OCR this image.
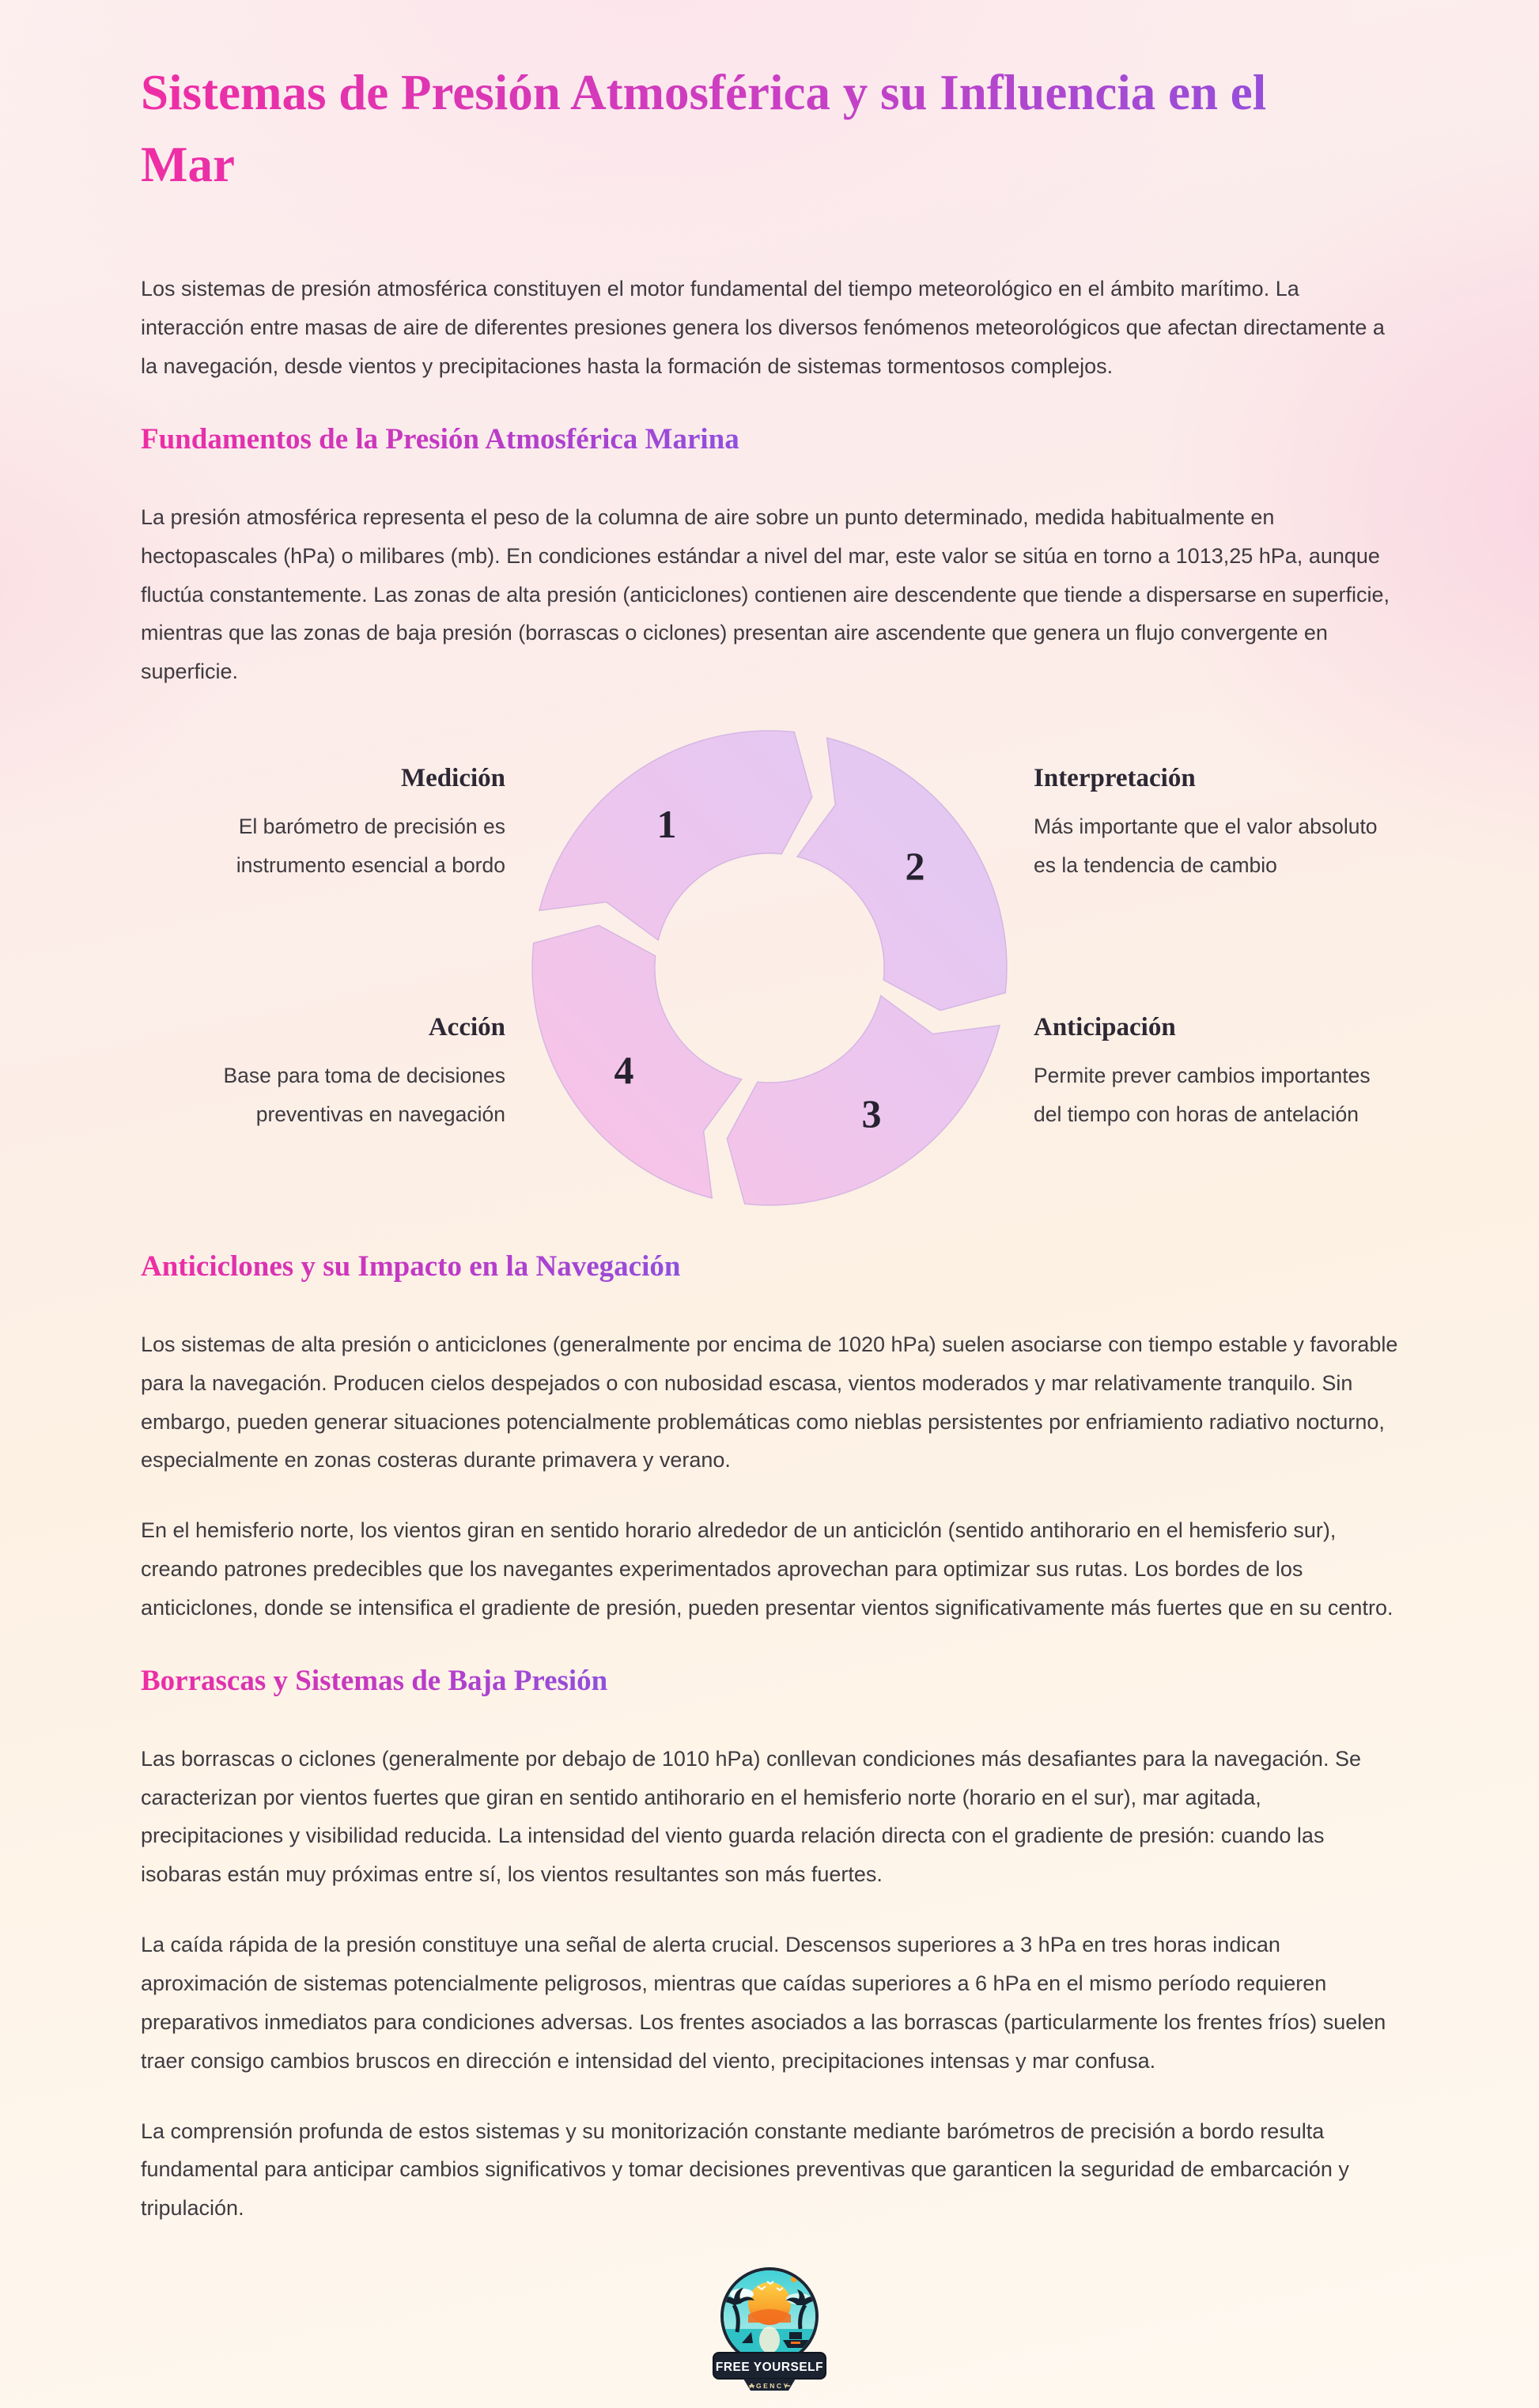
Sistemas de Presión Atmosférica y su Influencia en el Mar

Los sistemas de presión atmosférica constituyen el motor fundamental del tiempo meteorológico en el ámbito marítimo. La interacción entre masas de aire de diferentes presiones genera los diversos fenómenos meteorológicos que afectan directamente a la navegación, desde vientos y precipitaciones hasta la formación de sistemas tormentosos complejos.

Fundamentos de la Presión Atmosférica Marina

La presión atmosférica representa el peso de la columna de aire sobre un punto determinado, medida habitualmente en hectopascales (hPa) o milibares (mb). En condiciones estándar a nivel del mar, este valor se sitúa en torno a 1013,25 hPa, aunque fluctúa constantemente. Las zonas de alta presión (anticiclones) contienen aire descendente que tiende a dispersarse en superficie, mientras que las zonas de baja presión (borrascas o ciclones) presentan aire ascendente que genera un flujo convergente en superficie.

Medición

El barómetro de precisión es instrumento esencial a bordo

Acción

Base para toma de decisiones preventivas en navegación

1
2
3
4
Interpretación

Más importante que el valor absoluto es la tendencia de cambio

Anticipación

Permite prever cambios importantes del tiempo con horas de antelación

Anticiclones y su Impacto en la Navegación

Los sistemas de alta presión o anticiclones (generalmente por encima de 1020 hPa) suelen asociarse con tiempo estable y favorable para la navegación. Producen cielos despejados o con nubosidad escasa, vientos moderados y mar relativamente tranquilo. Sin embargo, pueden generar situaciones potencialmente problemáticas como nieblas persistentes por enfriamiento radiativo nocturno, especialmente en zonas costeras durante primavera y verano.

En el hemisferio norte, los vientos giran en sentido horario alrededor de un anticiclón (sentido antihorario en el hemisferio sur), creando patrones predecibles que los navegantes experimentados aprovechan para optimizar sus rutas. Los bordes de los anticiclones, donde se intensifica el gradiente de presión, pueden presentar vientos significativamente más fuertes que en su centro.

Borrascas y Sistemas de Baja Presión

Las borrascas o ciclones (generalmente por debajo de 1010 hPa) conllevan condiciones más desafiantes para la navegación. Se caracterizan por vientos fuertes que giran en sentido antihorario en el hemisferio norte (horario en el sur), mar agitada, precipitaciones y visibilidad reducida. La intensidad del viento guarda relación directa con el gradiente de presión: cuando las isobaras están muy próximas entre sí, los vientos resultantes son más fuertes.

La caída rápida de la presión constituye una señal de alerta crucial. Descensos superiores a 3 hPa en tres horas indican aproximación de sistemas potencialmente peligrosos, mientras que caídas superiores a 6 hPa en el mismo período requieren preparativos inmediatos para condiciones adversas. Los frentes asociados a las borrascas (particularmente los frentes fríos) suelen traer consigo cambios bruscos en dirección e intensidad del viento, precipitaciones intensas y mar confusa.

La comprensión profunda de estos sistemas y su monitorización constante mediante barómetros de precisión a bordo resulta fundamental para anticipar cambios significativos y tomar decisiones preventivas que garanticen la seguridad de embarcación y tripulación.

FREE YOURSELF
AGENCY
